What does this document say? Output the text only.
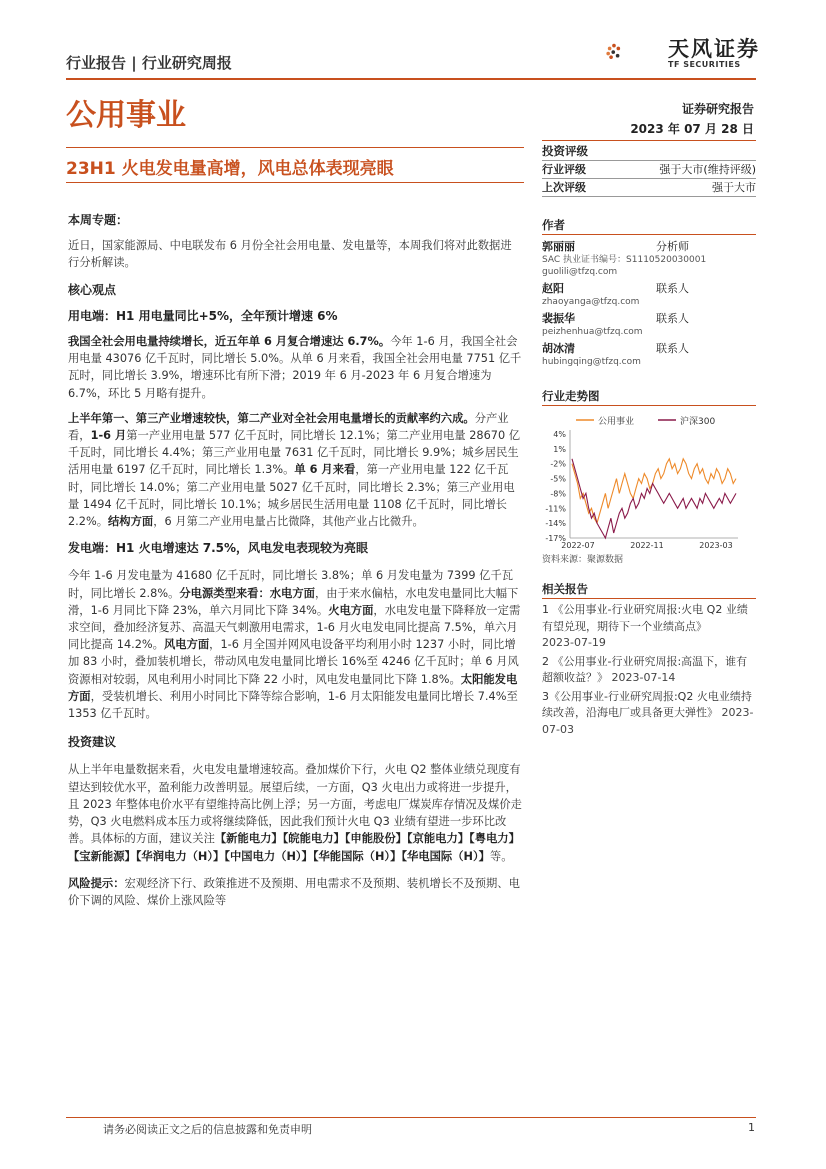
行业报告 | 行业研究周报
天风证券
TF SECURITIES
公用事业	证券研究报告
2023 年 07 月 28 日
23H1 火电发电量高增，风电总体表现亮眼
本周专题：

近日，国家能源局、中电联发布 6 月份全社会用电量、发电量等，本周我们将对此数据进行分析解读。

核心观点
用电端：H1 用电量同比+5%，全年预计增速 6%

我国全社会用电量持续增长，近五年单 6 月复合增速达 6.7%。今年 1-6 月，我国全社会用电量 43076 亿千瓦时，同比增长 5.0%。从单 6 月来看，我国全社会用电量 7751 亿千瓦时，同比增长 3.9%，增速环比有所下滑；2019 年 6 月-2023 年 6 月复合增速为 6.7%，环比 5 月略有提升。

上半年第一、第三产业增速较快，第二产业对全社会用电量增长的贡献率约六成。分产业看，1-6 月第一产业用电量 577 亿千瓦时，同比增长 12.1%；第二产业用电量 28670 亿千瓦时，同比增长 4.4%；第三产业用电量 7631 亿千瓦时，同比增长 9.9%；城乡居民生活用电量 6197 亿千瓦时，同比增长 1.3%。单 6 月来看，第一产业用电量 122 亿千瓦时，同比增长 14.0%；第二产业用电量 5027 亿千瓦时，同比增长 2.3%；第三产业用电量 1494 亿千瓦时，同比增长 10.1%；城乡居民生活用电量 1108 亿千瓦时，同比增长 2.2%。结构方面，6 月第二产业用电量占比微降，其他产业占比微升。

发电端：H1 火电增速达 7.5%，风电发电表现较为亮眼

今年 1-6 月发电量为 41680 亿千瓦时，同比增长 3.8%；单 6 月发电量为 7399 亿千瓦时，同比增长 2.8%。分电源类型来看：水电方面，由于来水偏枯，水电发电量同比大幅下滑，1-6 月同比下降 23%，单六月同比下降 34%。火电方面，水电发电量下降释放一定需求空间，叠加经济复苏、高温天气刺激用电需求，1-6 月火电发电同比提高 7.5%，单六月同比提高 14.2%。风电方面，1-6 月全国并网风电设备平均利用小时 1237 小时，同比增加 83 小时，叠加装机增长，带动风电发电量同比增长 16%至 4246 亿千瓦时；单 6 月风资源相对较弱，风电利用小时同比下降 22 小时，风电发电量同比下降 1.8%。太阳能发电方面，受装机增长、利用小时同比下降等综合影响，1-6 月太阳能发电量同比增长 7.4%至 1353 亿千瓦时。

投资建议

从上半年电量数据来看，火电发电量增速较高。叠加煤价下行，火电 Q2 整体业绩兑现度有望达到较优水平，盈利能力改善明显。展望后续，一方面，Q3 火电出力或将进一步提升，且 2023 年整体电价水平有望维持高比例上浮；另一方面，考虑电厂煤炭库存情况及煤价走势，Q3 火电燃料成本压力或将继续降低，因此我们预计火电 Q3 业绩有望进一步环比改善。具体标的方面，建议关注【新能电力】【皖能电力】【申能股份】【京能电力】【粤电力】【宝新能源】【华润电力（H）】【中国电力（H）】【华能国际（H）】【华电国际（H）】等。

风险提示：宏观经济下行、政策推进不及预期、用电需求不及预期、装机增长不及预期、电价下调的风险、煤价上涨风险等

投资评级
行业评级	强于大市(维持评级)
上次评级	强于大市
作者
郭丽丽	分析师
SAC 执业证书编号：S1110520030001
guolili@tfzq.com
赵阳	联系人
zhaoyanga@tfzq.com
裴振华	联系人
peizhenhua@tfzq.com
胡冰清	联系人
hubingqing@tfzq.com
行业走势图
公用事业	沪深300
4%
1%
-2%
-5%
-8%
-11%
-14%
-17%
2022-07	2022-11	2023-03
资料来源：聚源数据
相关报告
1 《公用事业-行业研究周报:火电 Q2 业绩有望兑现，期待下一个业绩高点》
2023-07-19
2 《公用事业-行业研究周报:高温下，谁有超额收益？》 2023-07-14
3《公用事业-行业研究周报:Q2 火电业绩持续改善，沿海电厂或具备更大弹性》 2023-07-03
请务必阅读正文之后的信息披露和免责申明	1
